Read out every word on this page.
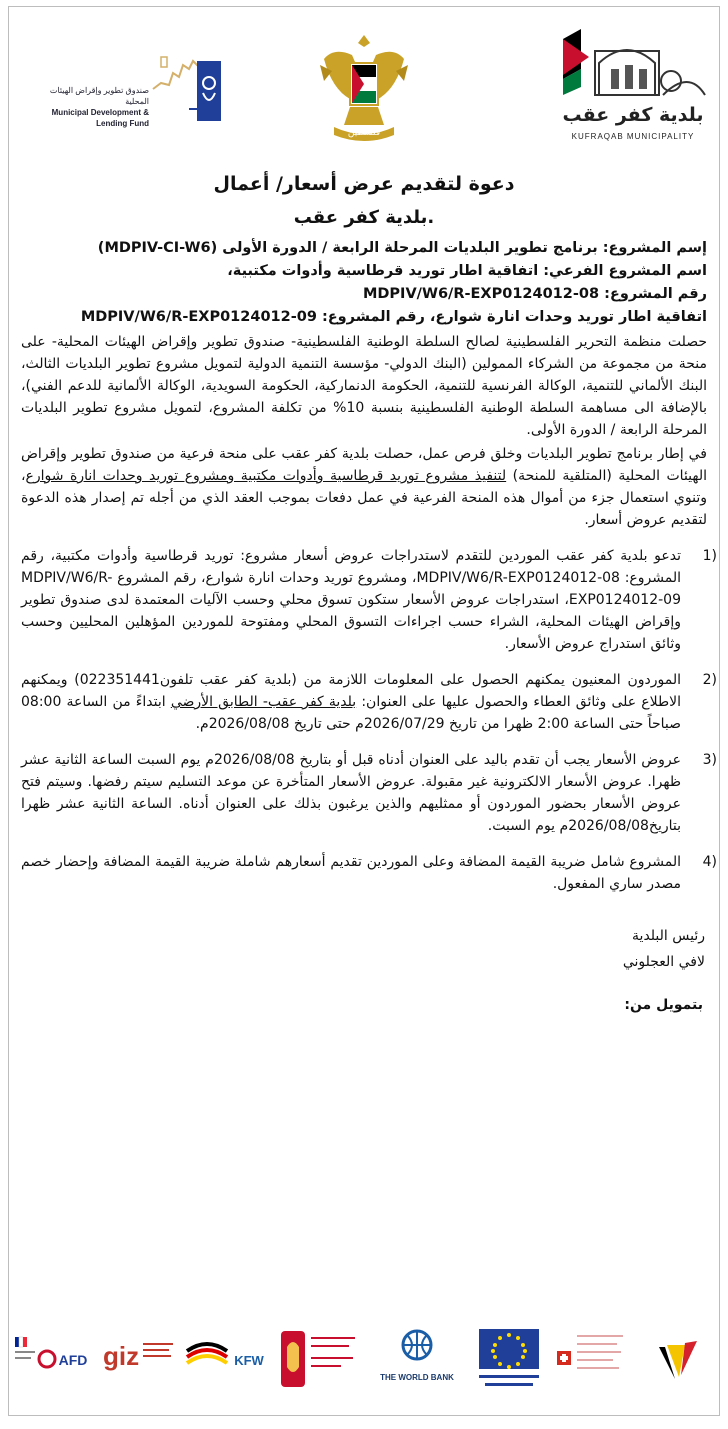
بلدية كفر عقب
KUFRAQAB MUNICIPALITY
فلسطين
صندوق تطوير وإقراض الهيئات المحلية
Municipal Development & Lending Fund
دعوة لتقديم عرض أسعار/ أعمال
بلدية كفر عقب.
إسم المشروع: برنامج تطوير البلديات المرحلة الرابعة / الدورة الأولى (MDPIV-CI-W6)
اسم المشروع الفرعي: اتفاقية اطار توريد قرطاسية وأدوات مكتبية،
رقم المشروع: MDPIV/W6/R-EXP0124012-08
اتفاقية اطار توريد وحدات انارة شوارع، رقم المشروع: MDPIV/W6/R-EXP0124012-09
حصلت منظمة التحرير الفلسطينية لصالح السلطة الوطنية الفلسطينية- صندوق تطوير وإقراض الهيئات المحلية- على منحة من مجموعة من الشركاء الممولين (البنك الدولي- مؤسسة التنمية الدولية لتمويل مشروع تطوير البلديات الثالث، البنك الألماني للتنمية، الوكالة الفرنسية للتنمية، الحكومة الدنماركية، الحكومة السويدية، الوكالة الألمانية للدعم الفني)، بالإضافة الى مساهمة السلطة الوطنية الفلسطينية بنسبة 10% من تكلفة المشروع، لتمويل مشروع تطوير البلديات المرحلة الرابعة / الدورة الأولى.
في إطار برنامج تطوير البلديات وخلق فرص عمل، حصلت بلدية كفر عقب على منحة فرعية من صندوق تطوير وإقراض الهيئات المحلية (المتلقية للمنحة) لتنفيذ مشروع توريد قرطاسية وأدوات مكتبية ومشروع توريد وحدات انارة شوارع، وتنوي استعمال جزء من أموال هذه المنحة الفرعية في عمل دفعات بموجب العقد الذي من أجله تم إصدار هذه الدعوة لتقديم عروض أسعار.
(1
تدعو بلدية كفر عقب الموردين للتقدم لاستدراجات عروض أسعار مشروع: توريد قرطاسية وأدوات مكتبية، رقم المشروع: MDPIV/W6/R-EXP0124012-08، ومشروع توريد وحدات انارة شوارع، رقم المشروع MDPIV/W6/R- EXP0124012-09، استدراجات عروض الأسعار ستكون تسوق محلي وحسب الآليات المعتمدة لدى صندوق تطوير وإقراض الهيئات المحلية، الشراء حسب اجراءات التسوق المحلي ومفتوحة للموردين المؤهلين المحليين وحسب وثائق استدراج عروض الأسعار.
(2
الموردون المعنيون يمكنهم الحصول على المعلومات اللازمة من (بلدية كفر عقب تلفون022351441) ويمكنهم الاطلاع على وثائق العطاء والحصول عليها على العنوان: بلدية كفر عقب- الطابق الأرضي ابتداءً من الساعة 08:00 صباحاً حتى الساعة 2:00 ظهرا من تاريخ 2026/07/29م حتى تاريخ 2026/08/08م.
(3
عروض الأسعار يجب أن تقدم باليد على العنوان أدناه قبل أو بتاريخ 2026/08/08م يوم السبت الساعة الثانية عشر ظهرا. عروض الأسعار الالكترونية غير مقبولة. عروض الأسعار المتأخرة عن موعد التسليم سيتم رفضها. وسيتم فتح عروض الأسعار بحضور الموردون أو ممثليهم والذين يرغبون بذلك على العنوان أدناه. الساعة الثانية عشر ظهرا بتاريخ2026/08/08م يوم السبت.
(4
المشروع شامل ضريبة القيمة المضافة وعلى الموردين تقديم أسعارهم شاملة ضريبة القيمة المضافة وإحضار خصم مصدر ساري المفعول.
رئيس البلدية
لافي العجلوني
بتمويل من:
THE WORLD BANK
KFW
giz
AFD
